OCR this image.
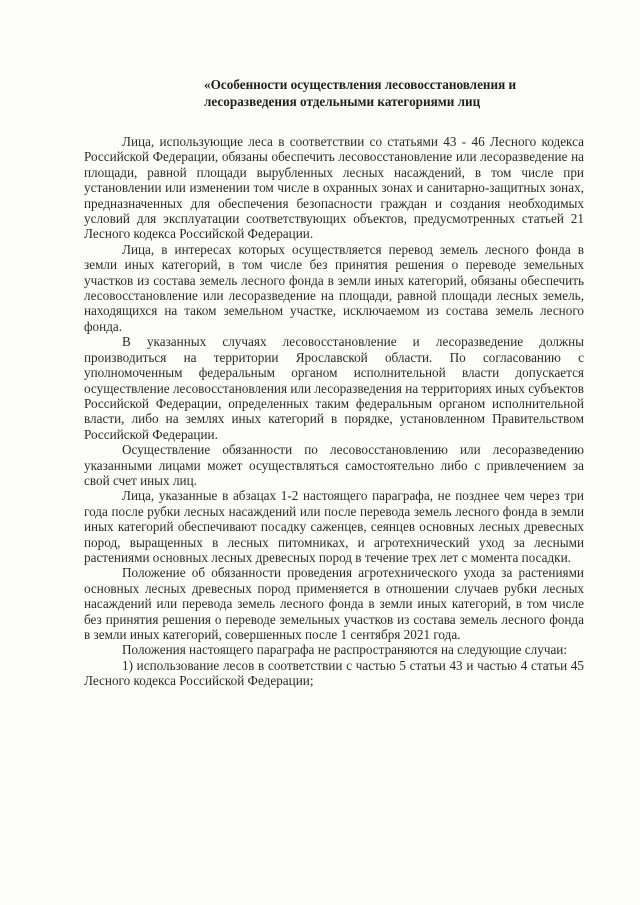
«Особенности осуществления лесовосстановления и
лесоразведения отдельными категориями лиц

Лица, использующие леса в соответствии со статьями 43 - 46 Лесного кодекса Российской Федерации, обязаны обеспечить лесовосстановление или лесоразведение на площади, равной площади вырубленных лесных насаждений, в том числе при установлении или изменении том числе в охранных зонах и санитарно-защитных зонах, предназначенных для обеспечения безопасности граждан и создания необходимых условий для эксплуатации соответствующих объектов, предусмотренных статьей 21 Лесного кодекса Российской Федерации.

Лица, в интересах которых осуществляется перевод земель лесного фонда в земли иных категорий, в том числе без принятия решения о переводе земельных участков из состава земель лесного фонда в земли иных категорий, обязаны обеспечить лесовосстановление или лесоразведение на площади, равной площади лесных земель, находящихся на таком земельном участке, исключаемом из состава земель лесного фонда.

В указанных случаях лесовосстановление и лесоразведение должны производиться на территории Ярославской области. По согласованию с уполномоченным федеральным органом исполнительной власти допускается осуществление лесовосстановления или лесоразведения на территориях иных субъектов Российской Федерации, определенных таким федеральным органом исполнительной власти, либо на землях иных категорий в порядке, установленном Правительством Российской Федерации.

Осуществление обязанности по лесовосстановлению или лесоразведению указанными лицами может осуществляться самостоятельно либо с привлечением за свой счет иных лиц.

Лица, указанные в абзацах 1-2 настоящего параграфа, не позднее чем через три года после рубки лесных насаждений или после перевода земель лесного фонда в земли иных категорий обеспечивают посадку саженцев, сеянцев основных лесных древесных пород, выращенных в лесных питомниках, и агротехнический уход за лесными растениями основных лесных древесных пород в течение трех лет с момента посадки.

Положение об обязанности проведения агротехнического ухода за растениями основных лесных древесных пород применяется в отношении случаев рубки лесных насаждений или перевода земель лесного фонда в земли иных категорий, в том числе без принятия решения о переводе земельных участков из состава земель лесного фонда в земли иных категорий, совершенных после 1 сентября 2021 года.

Положения настоящего параграфа не распространяются на следующие случаи:

1) использование лесов в соответствии с частью 5 статьи 43 и частью 4 статьи 45 Лесного кодекса Российской Федерации;
